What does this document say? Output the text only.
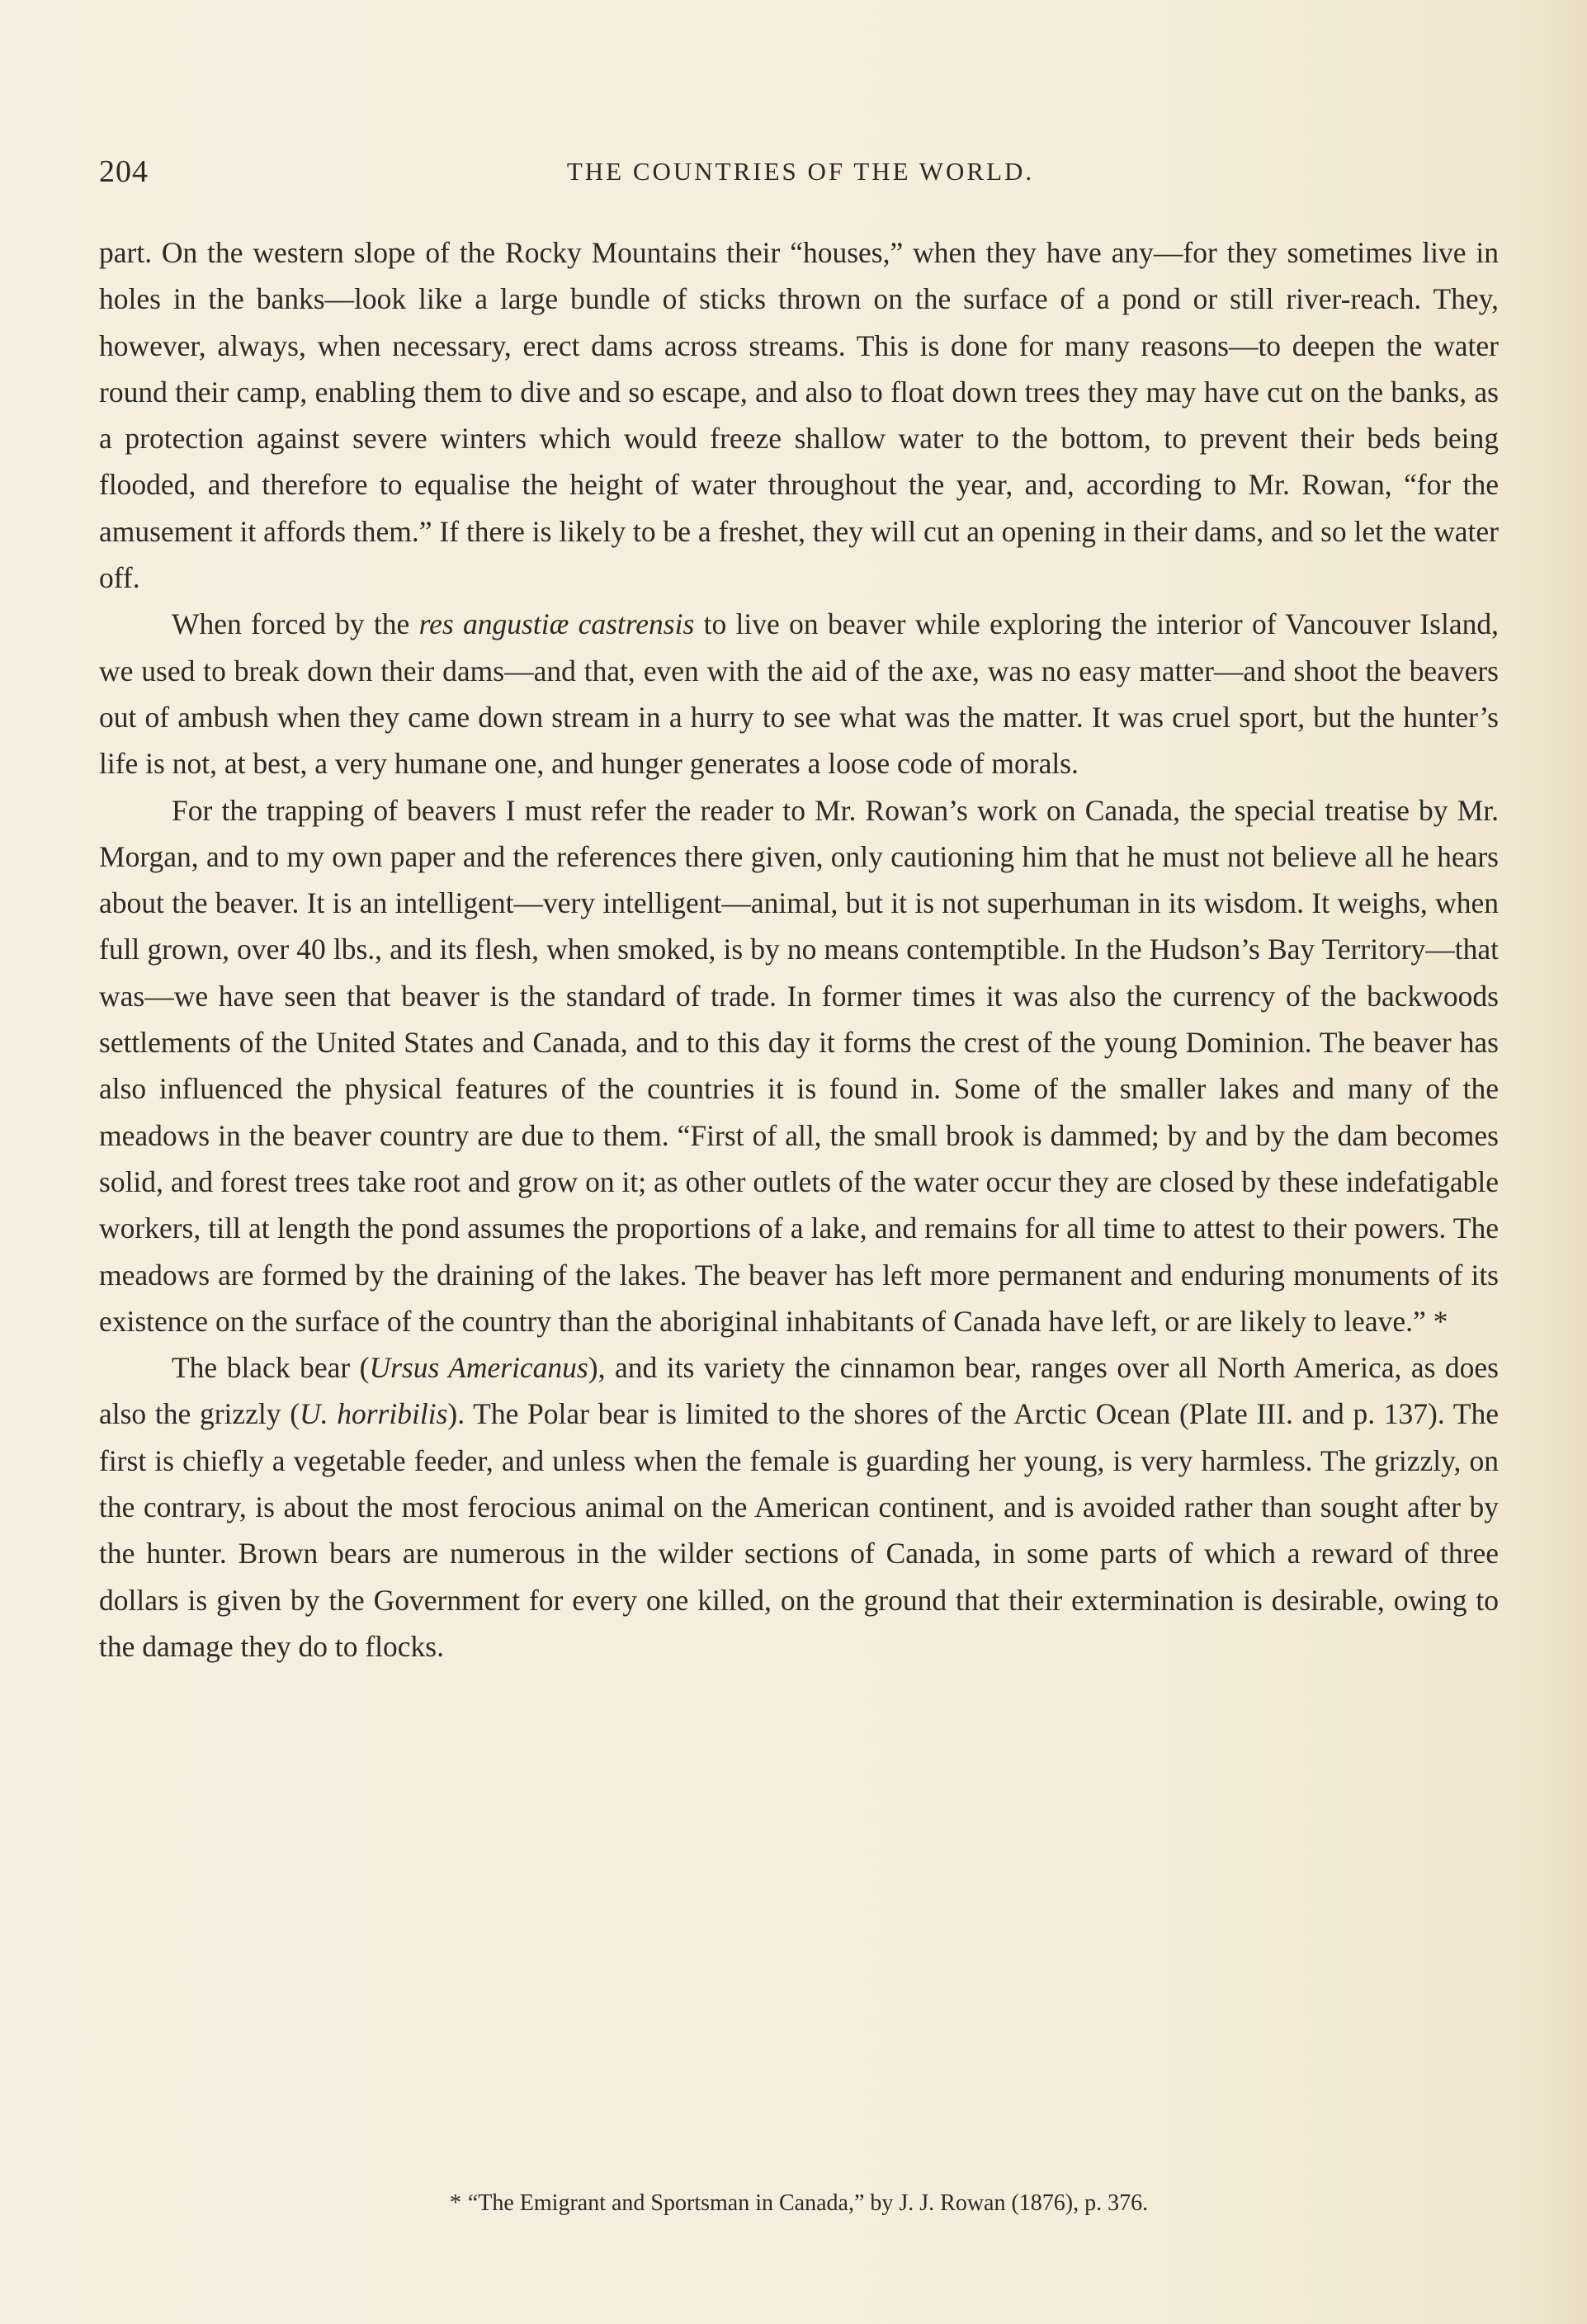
204	THE COUNTRIES OF THE WORLD.

part. On the western slope of the Rocky Mountains their “houses,” when they have any—for they sometimes live in holes in the banks—look like a large bundle of sticks thrown on the surface of a pond or still river-reach. They, however, always, when necessary, erect dams across streams. This is done for many reasons—to deepen the water round their camp, enabling them to dive and so escape, and also to float down trees they may have cut on the banks, as a protection against severe winters which would freeze shallow water to the bottom, to prevent their beds being flooded, and therefore to equalise the height of water throughout the year, and, according to Mr. Rowan, “for the amusement it affords them.” If there is likely to be a freshet, they will cut an opening in their dams, and so let the water off.

When forced by the res angustiæ castrensis to live on beaver while exploring the interior of Vancouver Island, we used to break down their dams—and that, even with the aid of the axe, was no easy matter—and shoot the beavers out of ambush when they came down stream in a hurry to see what was the matter. It was cruel sport, but the hunter’s life is not, at best, a very humane one, and hunger generates a loose code of morals.

For the trapping of beavers I must refer the reader to Mr. Rowan’s work on Canada, the special treatise by Mr. Morgan, and to my own paper and the references there given, only cautioning him that he must not believe all he hears about the beaver. It is an intelligent—very intelligent—animal, but it is not superhuman in its wisdom. It weighs, when full grown, over 40 lbs., and its flesh, when smoked, is by no means contemptible. In the Hudson’s Bay Territory—that was—we have seen that beaver is the standard of trade. In former times it was also the currency of the backwoods settlements of the United States and Canada, and to this day it forms the crest of the young Dominion. The beaver has also influenced the physical features of the countries it is found in. Some of the smaller lakes and many of the meadows in the beaver country are due to them. “First of all, the small brook is dammed; by and by the dam becomes solid, and forest trees take root and grow on it; as other outlets of the water occur they are closed by these indefatigable workers, till at length the pond assumes the proportions of a lake, and remains for all time to attest to their powers. The meadows are formed by the draining of the lakes. The beaver has left more permanent and enduring monuments of its existence on the surface of the country than the aboriginal inhabitants of Canada have left, or are likely to leave.” *

The black bear (Ursus Americanus), and its variety the cinnamon bear, ranges over all North America, as does also the grizzly (U. horribilis). The Polar bear is limited to the shores of the Arctic Ocean (Plate III. and p. 137). The first is chiefly a vegetable feeder, and unless when the female is guarding her young, is very harmless. The grizzly, on the contrary, is about the most ferocious animal on the American continent, and is avoided rather than sought after by the hunter. Brown bears are numerous in the wilder sections of Canada, in some parts of which a reward of three dollars is given by the Government for every one killed, on the ground that their extermination is desirable, owing to the damage they do to flocks.

* “The Emigrant and Sportsman in Canada,” by J. J. Rowan (1876), p. 376.
